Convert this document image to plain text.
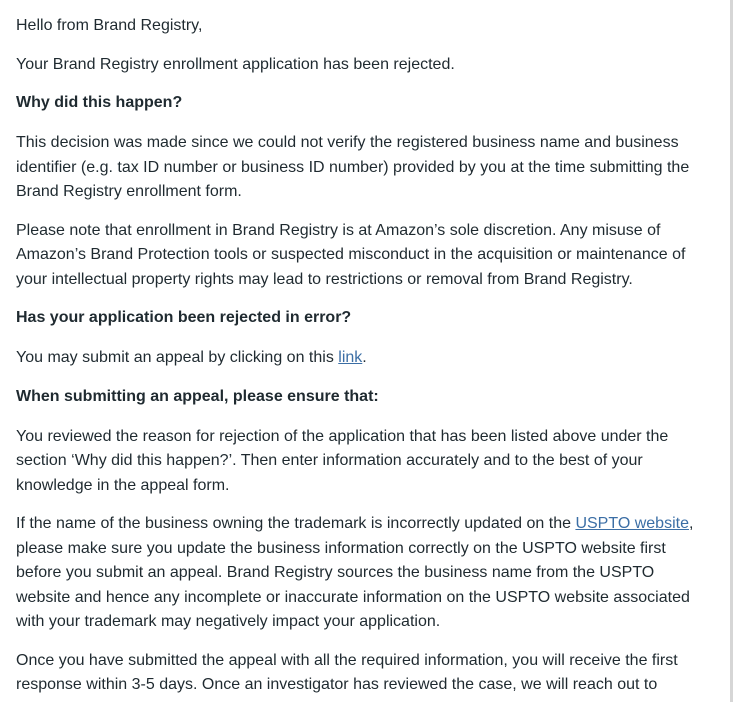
Hello from Brand Registry,

Your Brand Registry enrollment application has been rejected.

Why did this happen?

This decision was made since we could not verify the registered business name and business identifier (e.g. tax ID number or business ID number) provided by you at the time submitting the Brand Registry enrollment form.

Please note that enrollment in Brand Registry is at Amazon’s sole discretion. Any misuse of Amazon’s Brand Protection tools or suspected misconduct in the acquisition or maintenance of your intellectual property rights may lead to restrictions or removal from Brand Registry.

Has your application been rejected in error?

You may submit an appeal by clicking on this link.

When submitting an appeal, please ensure that:

You reviewed the reason for rejection of the application that has been listed above under the section ‘Why did this happen?’. Then enter information accurately and to the best of your knowledge in the appeal form.

If the name of the business owning the trademark is incorrectly updated on the USPTO website, please make sure you update the business information correctly on the USPTO website first before you submit an appeal. Brand Registry sources the business name from the USPTO website and hence any incomplete or inaccurate information on the USPTO website associated with your trademark may negatively impact your application.

Once you have submitted the appeal with all the required information, you will receive the first response within 3-5 days. Once an investigator has reviewed the case, we will reach out to
